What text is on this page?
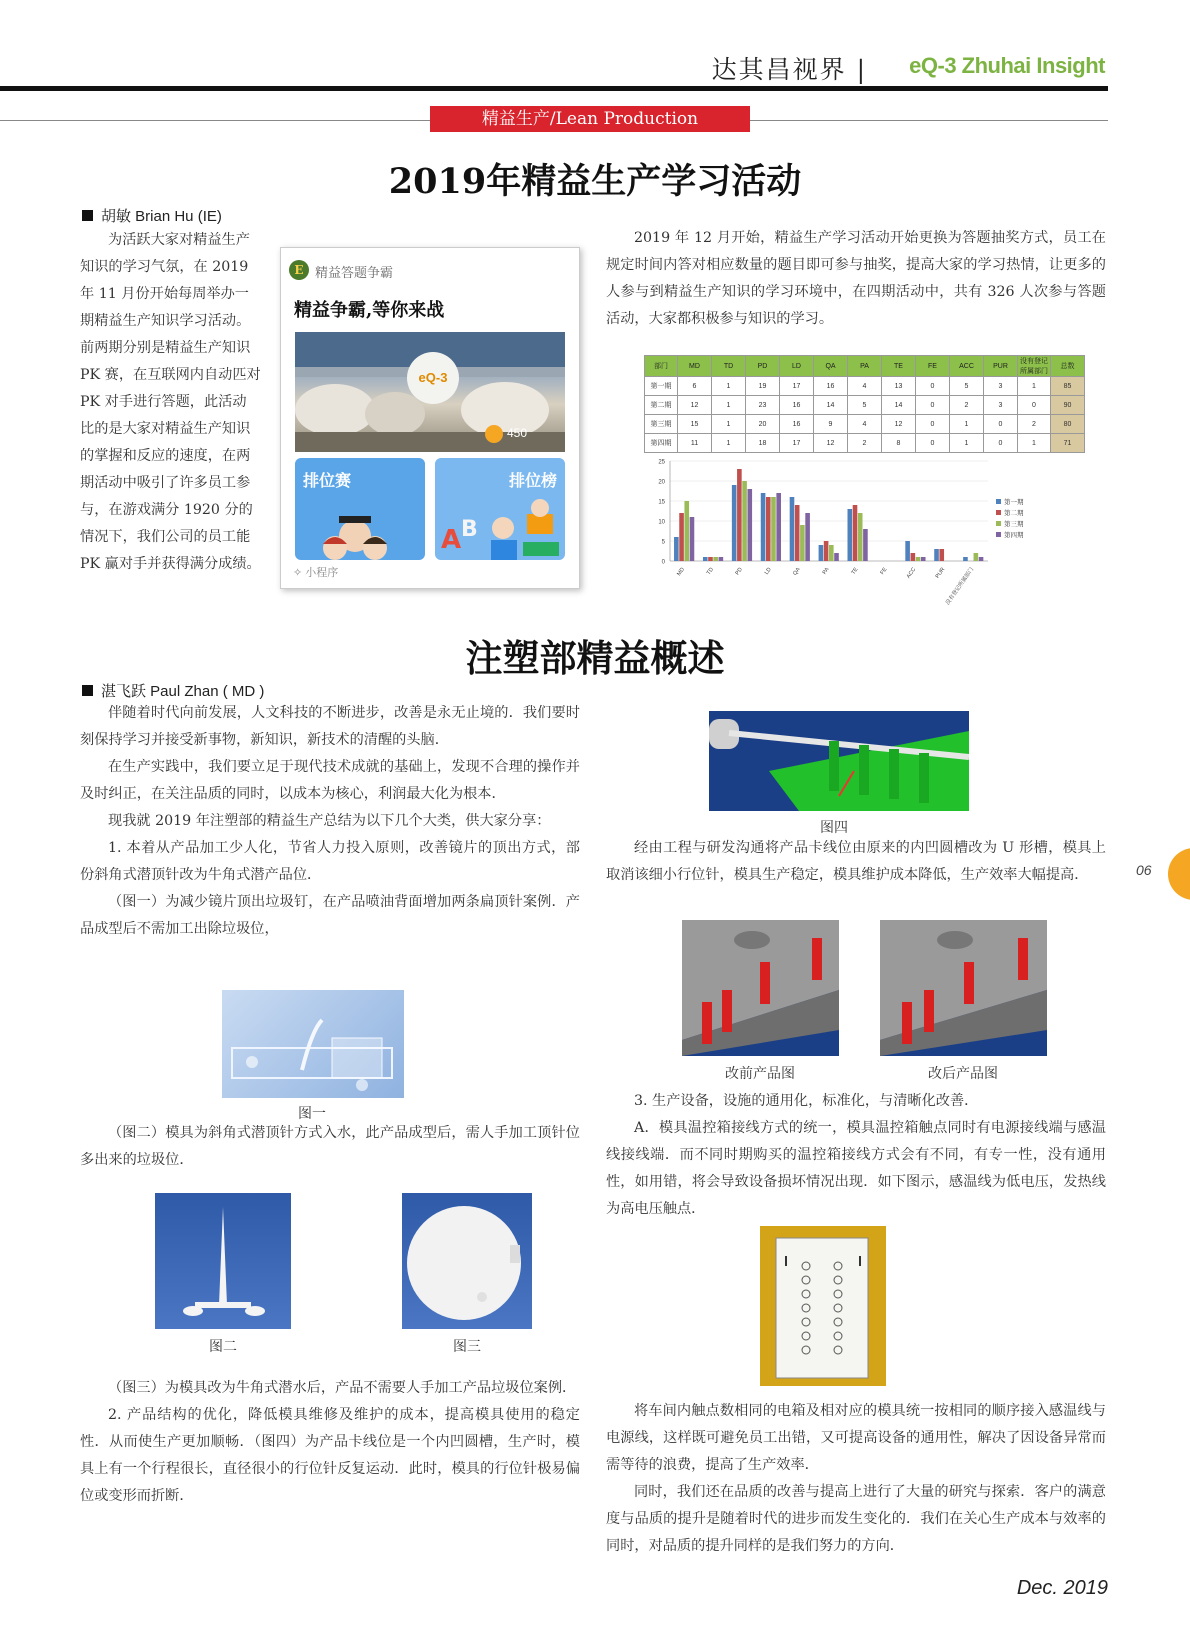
达其昌视界 |	eQ-3 Zhuhai Insight
精益生产/Lean Production
2019年精益生产学习活动
胡敏 Brian Hu (IE)
为活跃大家对精益生产
知识的学习气氛，在 2019
年 11 月份开始每周举办一
期精益生产知识学习活动。
前两期分别是精益生产知识
PK 赛，在互联网内自动匹对
PK 对手进行答题，此活动
比的是大家对精益生产知识
的掌握和反应的速度，在两
期活动中吸引了许多员工参
与，在游戏满分 1920 分的
情况下，我们公司的员工能
PK 赢对手并获得满分成绩。
E 精益答题争霸
精益争霸,等你来战
eQ-3
450
排位赛	排位榜
A B
✧ 小程序

2019 年 12 月开始，精益生产学习活动开始更换为答题抽奖方式，员工在规定时间内答对相应数量的题目即可参与抽奖，提高大家的学习热情，让更多的人参与到精益生产知识的学习环境中，在四期活动中，共有 326 人次参与答题活动，大家都积极参与知识的学习。

部门	MD	TD	PD	LD	QA	PA	TE	FE	ACC	PUR	没有登记所属部门	总数
第一期	6	1	19	17	16	4	13	0	5	3	1	85
第二期	12	1	23	16	14	5	14	0	2	3	0	90
第三期	15	1	20	16	9	4	12	0	1	0	2	80
第四期	11	1	18	17	12	2	8	0	1	0	1	71
0
5
10
15
20
25
MD	TD	PD	LD	QA	PA	TE	FE	ACC	PUR
没有登记所属部门
第一期
第二期
第三期
第四期
注塑部精益概述
湛飞跃 Paul Zhan ( MD )

伴随着时代向前发展，人文科技的不断进步，改善是永无止境的．我们要时刻保持学习并接受新事物，新知识，新技术的清醒的头脑．

在生产实践中，我们要立足于现代技术成就的基础上，发现不合理的操作并及时纠正，在关注品质的同时，以成本为核心，利润最大化为根本．

现我就 2019 年注塑部的精益生产总结为以下几个大类，供大家分享：

1. 本着从产品加工少人化，节省人力投入原则，改善镜片的顶出方式，部份斜角式潜顶针改为牛角式潜产品位．

（图一）为减少镜片顶出垃圾钉，在产品喷油背面增加两条扁顶针案例．产品成型后不需加工出除垃圾位，

图一

（图二）模具为斜角式潜顶针方式入水，此产品成型后，需人手加工顶针位多出来的垃圾位．

图二	图三

（图三）为模具改为牛角式潜水后，产品不需要人手加工产品垃圾位案例．

2. 产品结构的优化，降低模具维修及维护的成本，提高模具使用的稳定性．从而使生产更加顺畅．（图四）为产品卡线位是一个内凹圆槽，生产时，模具上有一个行程很长，直径很小的行位针反复运动．此时，模具的行位针极易偏位或变形而折断．

图四

经由工程与研发沟通将产品卡线位由原来的内凹圆槽改为 U 形槽，模具上取消该细小行位针，模具生产稳定，模具维护成本降低，生产效率大幅提高．

改前产品图	改后产品图

3. 生产设备，设施的通用化，标准化，与清晰化改善．

A．模具温控箱接线方式的统一，模具温控箱触点同时有电源接线端与感温线接线端．而不同时期购买的温控箱接线方式会有不同，有专一性，没有通用性，如用错，将会导致设备损坏情况出现．如下图示，感温线为低电压，发热线为高电压触点．

将车间内触点数相同的电箱及相对应的模具统一按相同的顺序接入感温线与电源线，这样既可避免员工出错，又可提高设备的通用性，解决了因设备异常而需等待的浪费，提高了生产效率．

同时，我们还在品质的改善与提高上进行了大量的研究与探索．客户的满意度与品质的提升是随着时代的进步而发生变化的．我们在关心生产成本与效率的同时，对品质的提升同样的是我们努力的方向．

06
Dec. 2019
